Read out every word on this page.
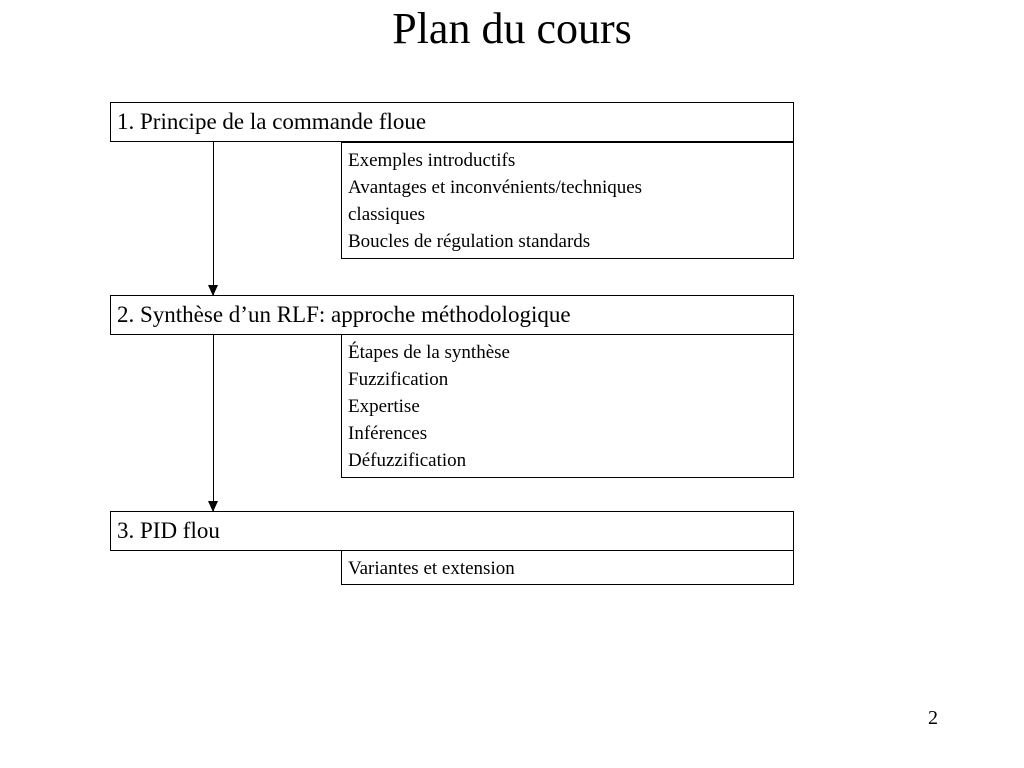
Plan du cours
1. Principe de la commande floue
Exemples introductifs
Avantages et inconvénients/techniques
classiques
Boucles de régulation standards
2. Synthèse d’un RLF: approche méthodologique
Étapes de la synthèse
Fuzzification
Expertise
Inférences
Défuzzification
3. PID flou
Variantes et extension
2
